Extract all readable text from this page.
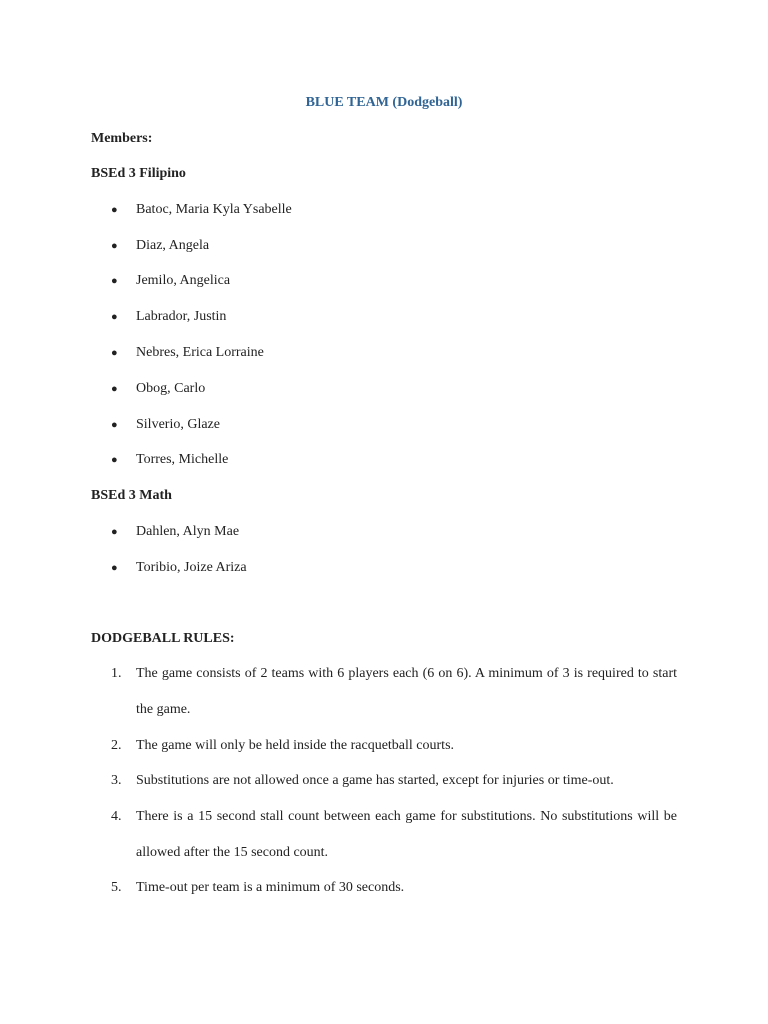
BLUE TEAM (Dodgeball)
Members:
BSEd 3 Filipino
●	Batoc, Maria Kyla Ysabelle
●	Diaz, Angela
●	Jemilo, Angelica
●	Labrador, Justin
●	Nebres, Erica Lorraine
●	Obog, Carlo
●	Silverio, Glaze
●	Torres, Michelle
BSEd 3 Math
●	Dahlen, Alyn Mae
●	Toribio, Joize Ariza
DODGEBALL RULES:
1.	The game consists of 2 teams with 6 players each (6 on 6). A minimum of 3 is required to start the game.
2.	The game will only be held inside the racquetball courts.
3.	Substitutions are not allowed once a game has started, except for injuries or time-out.
4.	There is a 15 second stall count between each game for substitutions. No substitutions will be allowed after the 15 second count.
5.	Time-out per team is a minimum of 30 seconds.
